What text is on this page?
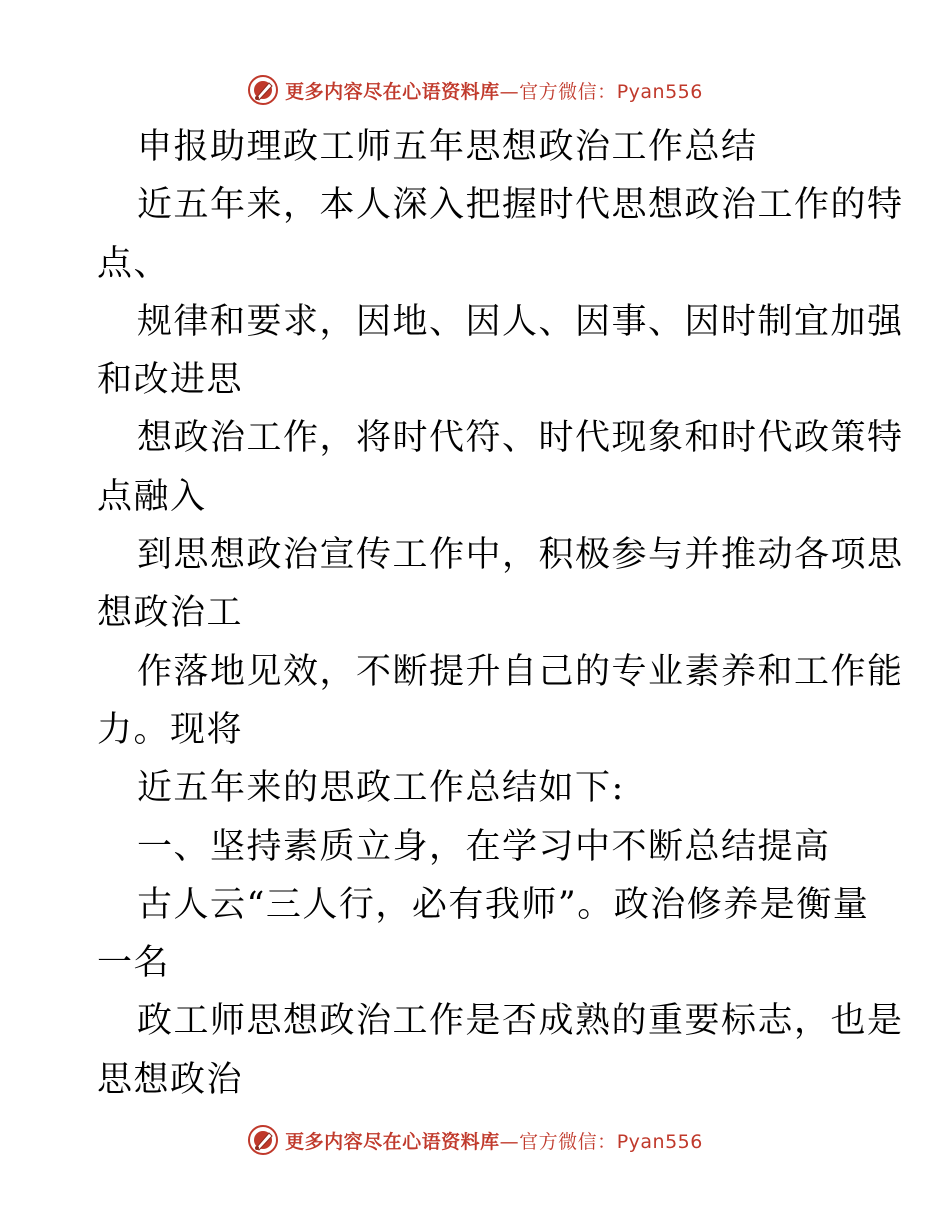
更多内容尽在心语资料库—官方微信：Pyan556
申报助理政工师五年思想政治工作总结
近五年来，本人深入把握时代思想政治工作的特
点、
规律和要求，因地、因人、因事、因时制宜加强
和改进思
想政治工作，将时代符、时代现象和时代政策特
点融入
到思想政治宣传工作中，积极参与并推动各项思
想政治工
作落地见效，不断提升自己的专业素养和工作能
力。现将
近五年来的思政工作总结如下:
一、坚持素质立身，在学习中不断总结提高
古人云“三人行，必有我师”。政治修养是衡量
一名
政工师思想政治工作是否成熟的重要标志，也是
思想政治
更多内容尽在心语资料库—官方微信：Pyan556
